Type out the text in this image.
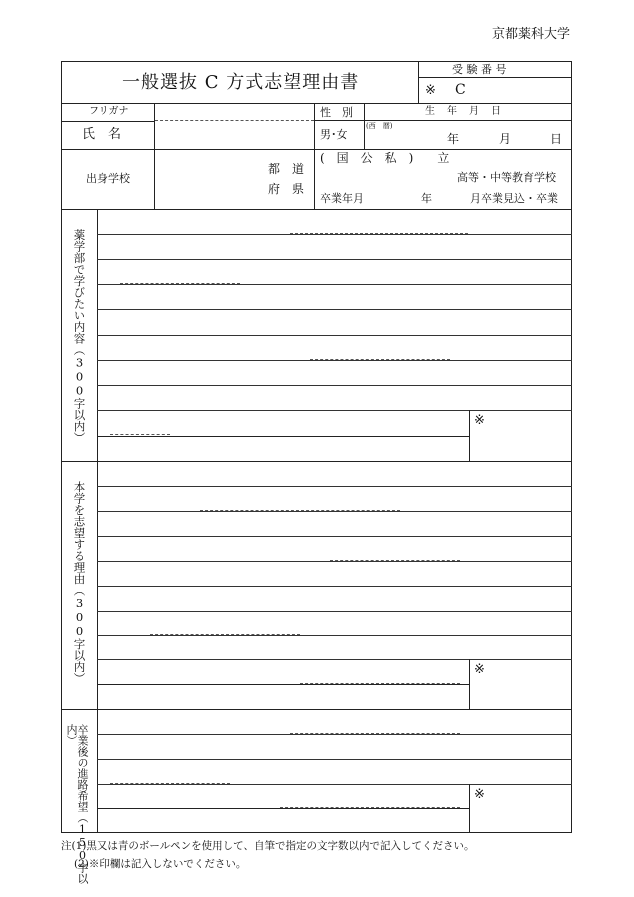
京都薬科大学
一般選抜 C 方式志望理由書
受 験 番 号
※ C
フリガナ	性　別	生　年　月　日
氏　名	男･女
(西　暦)
年	月	日
出身学校
都　道
府　県
(　国　公　私　)　　立
高等・中等教育学校
卒業年月	年	月卒業見込・卒業
薬学部で学びたい内容（300字以内）	※
本学を志望する理由（300字以内）	※
卒業後の進路希望（150字以内）
※
注(1)黒又は青のボールペンを使用して、自筆で指定の文字数以内で記入してください。
(2)※印欄は記入しないでください。
